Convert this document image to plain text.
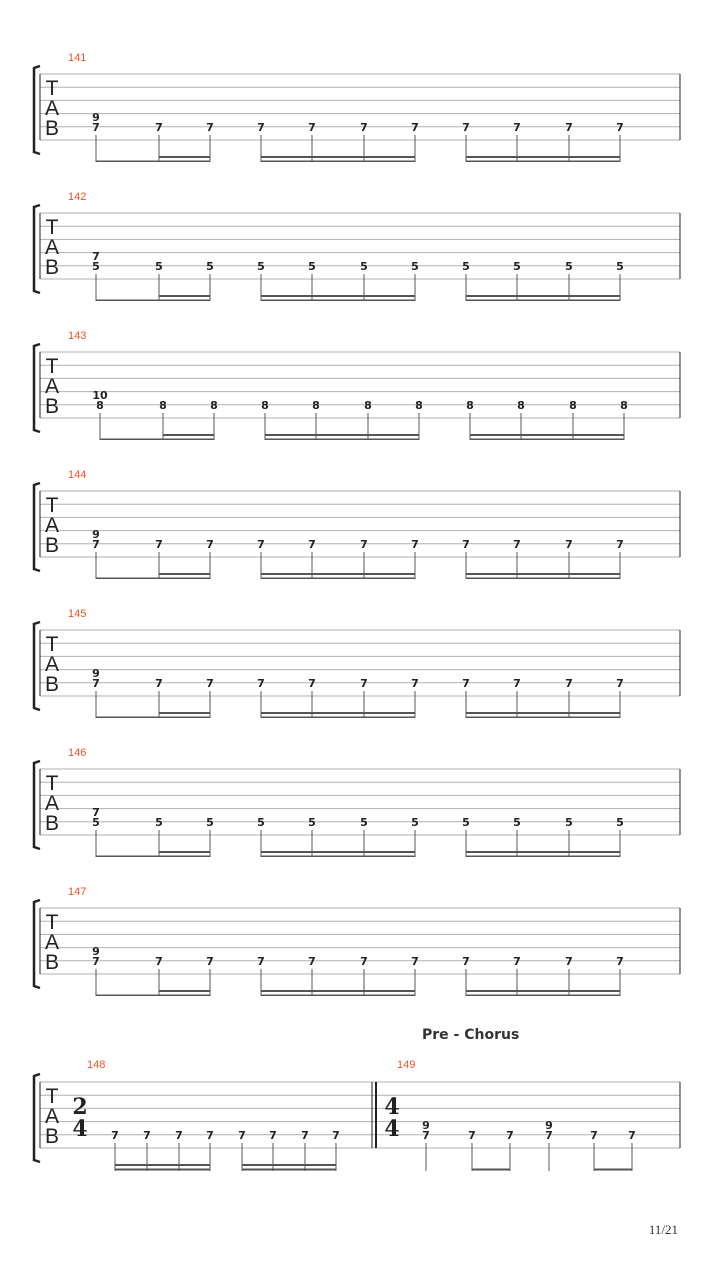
141
T
A
B	9
7	7	7	7	7	7	7	7	7	7	7
142
T
A
B	7
5	5	5	5	5	5	5	5	5	5	5
143
T
A
B	10
8	8	8	8	8	8	8	8	8	8	8
144
T
A
B	9
7	7	7	7	7	7	7	7	7	7	7
145
T
A
B	9
7	7	7	7	7	7	7	7	7	7	7
146
T
A
B	7
5	5	5	5	5	5	5	5	5	5	5
147
T
A
B	9
7	7	7	7	7	7	7	7	7	7	7
148	149
T
A
B
2
4
4
4
7 7 7 7 7 7 7 7
9
7	7	7
9
7	7	7
Pre - Chorus
11/21
